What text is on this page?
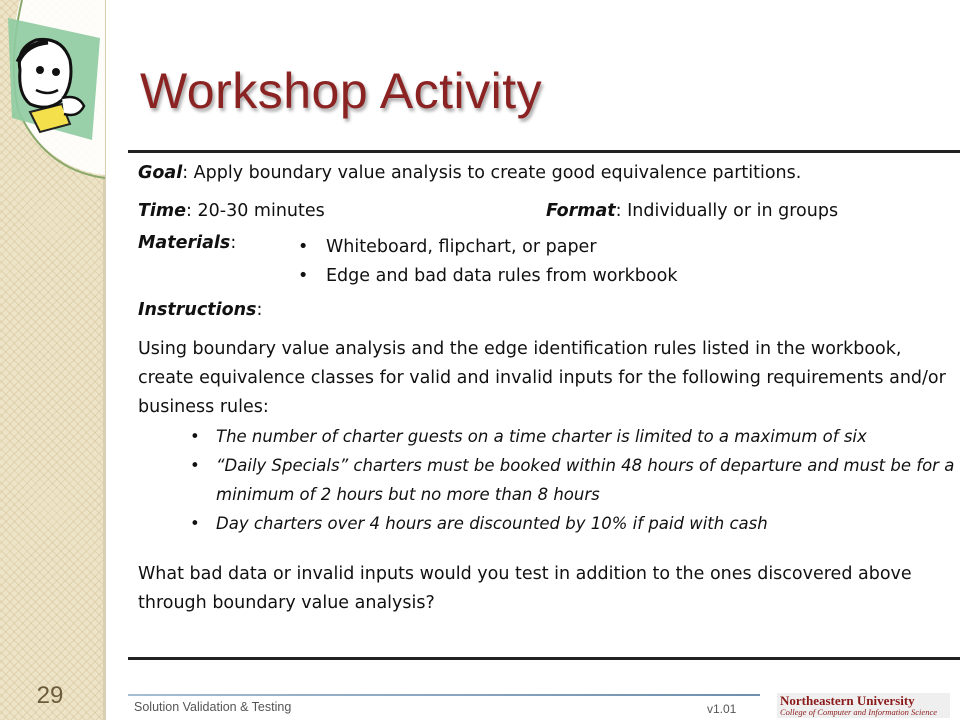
Workshop Activity
Goal: Apply boundary value analysis to create good equivalence partitions.
Time: 20-30 minutes	Format: Individually or in groups
Materials:
•	Whiteboard, flipchart, or paper
• Edge and bad data rules from workbook
Instructions:
Using boundary value analysis and the edge identification rules listed in the workbook, create equivalence classes for valid and invalid inputs for the following requirements and/or business rules:
• The number of charter guests on a time charter is limited to a maximum of six
• “Daily Specials” charters must be booked within 48 hours of departure and must be for a minimum of 2 hours but no more than 8 hours
• Day charters over 4 hours are discounted by 10% if paid with cash
What bad data or invalid inputs would you test in addition to the ones discovered above through boundary value analysis?
29	Solution Validation & Testing	v1.01
Northeastern University
College of Computer and Information Science
